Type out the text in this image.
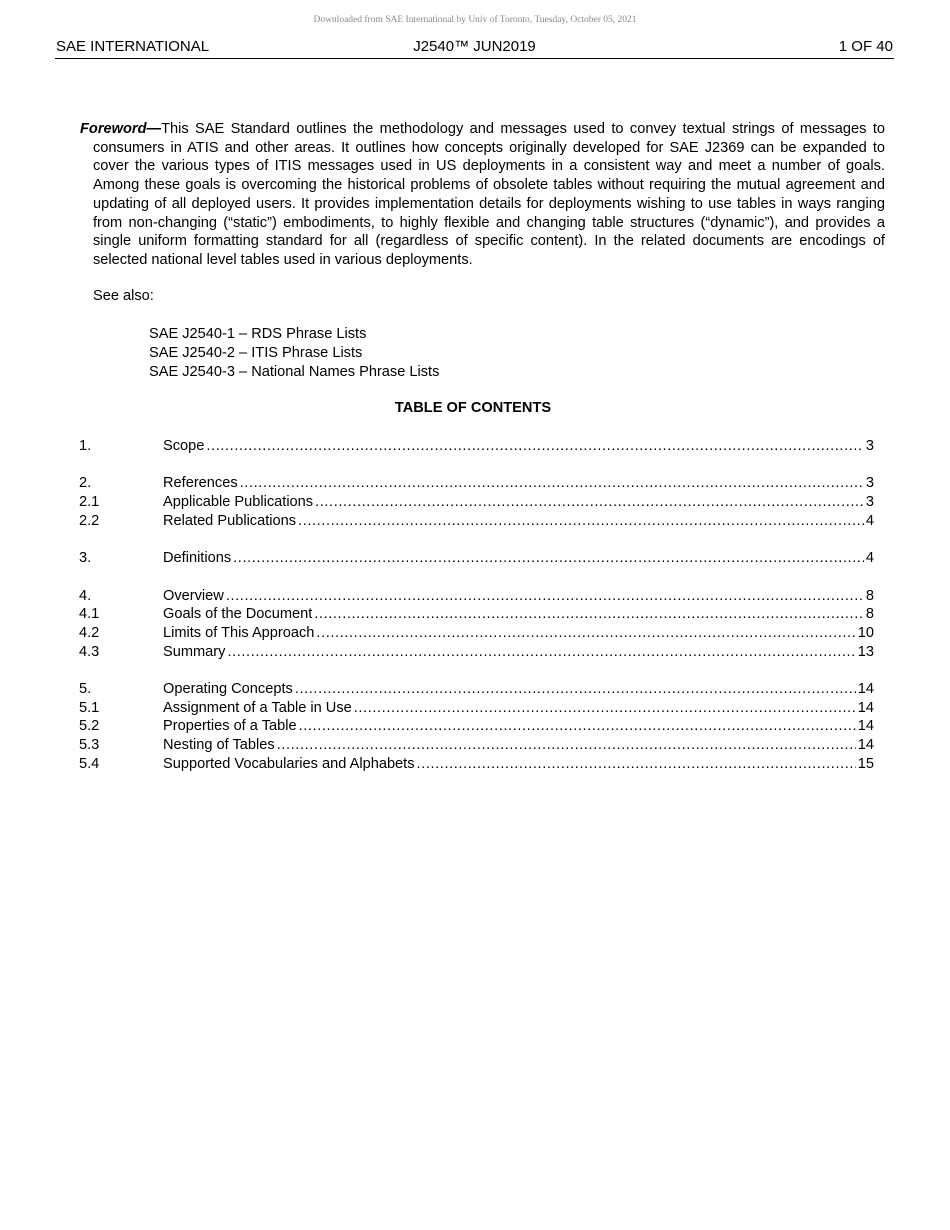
Downloaded from SAE International by Univ of Toronto, Tuesday, October 05, 2021
SAE INTERNATIONAL	J2540™ JUN2019	1 OF 40

Foreword—This SAE Standard outlines the methodology and messages used to convey textual strings of messages to consumers in ATIS and other areas. It outlines how concepts originally developed for SAE J2369 can be expanded to cover the various types of ITIS messages used in US deployments in a consistent way and meet a number of goals. Among these goals is overcoming the historical problems of obsolete tables without requiring the mutual agreement and updating of all deployed users. It provides implementation details for deployments wishing to use tables in ways ranging from non-changing (“static”) embodiments, to highly flexible and changing table structures (“dynamic”), and provides a single uniform formatting standard for all (regardless of specific content). In the related documents are encodings of selected national level tables used in various deployments.

See also:
SAE J2540-1 – RDS Phrase Lists
SAE J2540-2 – ITIS Phrase Lists
SAE J2540-3 – National Names Phrase Lists
TABLE OF CONTENTS
1.	Scope .....	3
2.	References .....	3
2.1	Applicable Publications .....	3
2.2	Related Publications .....	4
3.	Definitions .....	4
4.	Overview .....	8
4.1	Goals of the Document .....	8
4.2	Limits of This Approach .....	10
4.3	Summary .....	13
5.	Operating Concepts .....	14
5.1	Assignment of a Table in Use .....	14
5.2	Properties of a Table .....	14
5.3	Nesting of Tables .....	14
5.4	Supported Vocabularies and Alphabets .....	15
